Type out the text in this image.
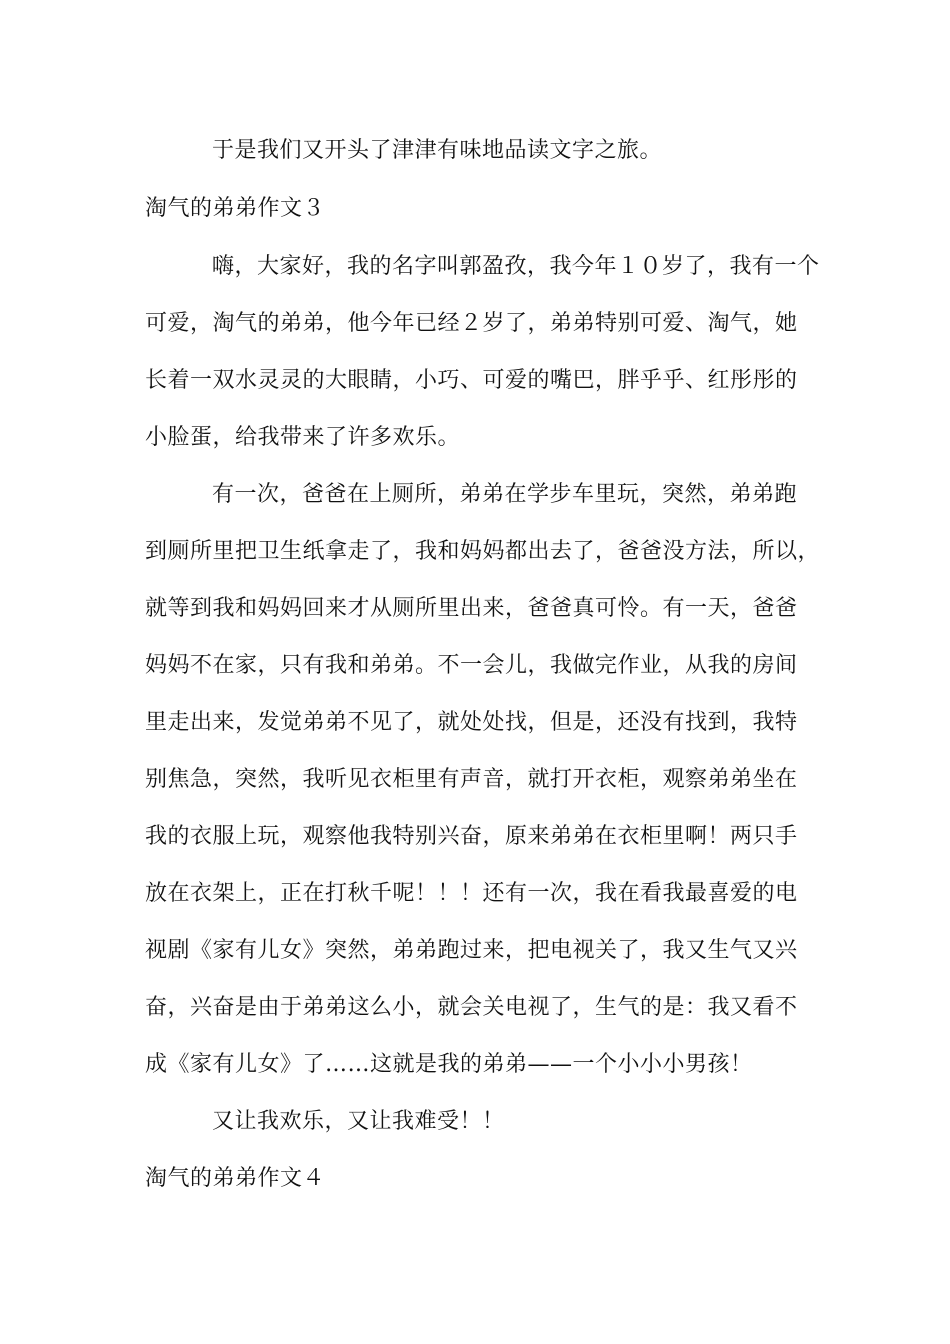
于是我们又开头了津津有味地品读文字之旅。
淘气的弟弟作文３
嗨，大家好，我的名字叫郭盈孜，我今年１０岁了，我有一个
可爱，淘气的弟弟，他今年已经２岁了，弟弟特别可爱、淘气，她
长着一双水灵灵的大眼睛，小巧、可爱的嘴巴，胖乎乎、红彤彤的
小脸蛋，给我带来了许多欢乐。
有一次，爸爸在上厕所，弟弟在学步车里玩，突然，弟弟跑
到厕所里把卫生纸拿走了，我和妈妈都出去了，爸爸没方法，所以，
就等到我和妈妈回来才从厕所里出来，爸爸真可怜。有一天，爸爸
妈妈不在家，只有我和弟弟。不一会儿，我做完作业，从我的房间
里走出来，发觉弟弟不见了，就处处找，但是，还没有找到，我特
别焦急，突然，我听见衣柜里有声音，就打开衣柜，观察弟弟坐在
我的衣服上玩，观察他我特别兴奋，原来弟弟在衣柜里啊！两只手
放在衣架上，正在打秋千呢！！！还有一次，我在看我最喜爱的电
视剧《家有儿女》突然，弟弟跑过来，把电视关了，我又生气又兴
奋，兴奋是由于弟弟这么小，就会关电视了，生气的是：我又看不
成《家有儿女》了……这就是我的弟弟——一个小小小男孩！
又让我欢乐，又让我难受！！
淘气的弟弟作文４
